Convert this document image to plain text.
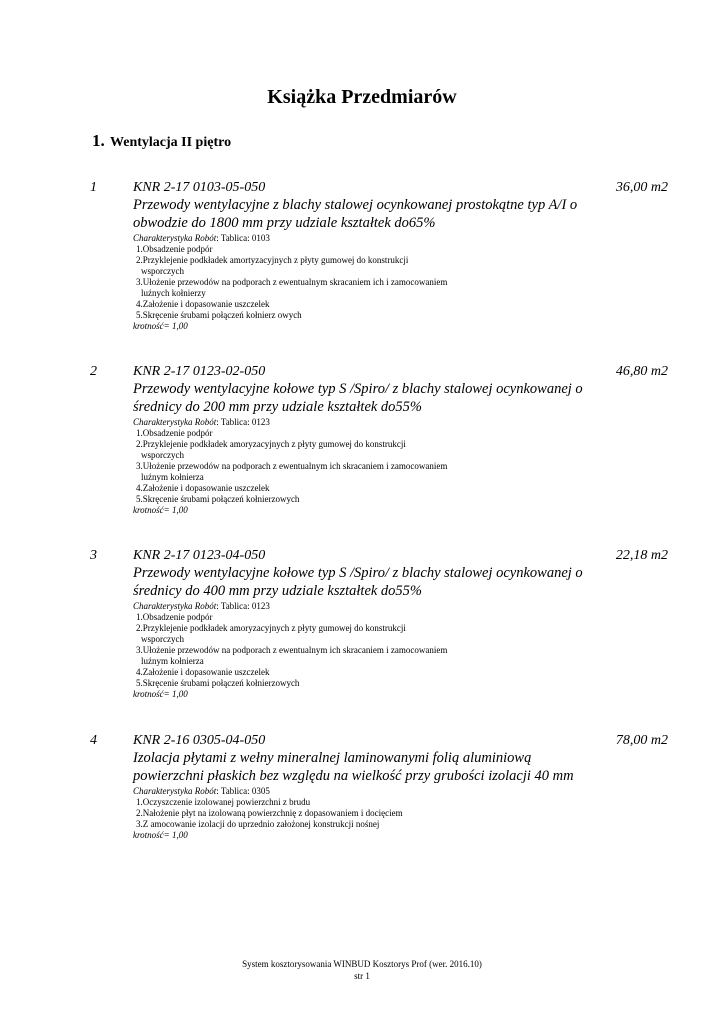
Książka Przedmiarów
1. Wentylacja II piętro
1	KNR 2-17 0103-05-050	36,00 m2
Przewody wentylacyjne z blachy stalowej ocynkowanej prostokątne typ A/I o
obwodzie do 1800 mm przy udziale kształtek do65%
Charakterystyka Robót: Tablica: 0103
1.Obsadzenie podpór
2.Przyklejenie podkładek amortyzacyjnych z płyty gumowej do konstrukcji
wsporczych
3.Ułożenie przewodów na podporach z ewentualnym skracaniem ich i zamocowaniem
luźnych kołnierzy
4.Założenie i dopasowanie uszczelek
5.Skręcenie śrubami połączeń kołnierz owych
krotność= 1,00
2	KNR 2-17 0123-02-050	46,80 m2
Przewody wentylacyjne kołowe typ S /Spiro/ z blachy stalowej ocynkowanej o
średnicy do 200 mm przy udziale kształtek do55%
Charakterystyka Robót: Tablica: 0123
1.Obsadzenie podpór
2.Przyklejenie podkładek amoryzacyjnych z płyty gumowej do konstrukcji
wsporczych
3.Ułożenie przewodów na podporach z ewentualnym ich skracaniem i zamocowaniem
luźnym kołnierza
4.Założenie i dopasowanie uszczelek
5.Skręcenie śrubami połączeń kołnierzowych
krotność= 1,00
3	KNR 2-17 0123-04-050	22,18 m2
Przewody wentylacyjne kołowe typ S /Spiro/ z blachy stalowej ocynkowanej o
średnicy do 400 mm przy udziale kształtek do55%
Charakterystyka Robót: Tablica: 0123
1.Obsadzenie podpór
2.Przyklejenie podkładek amoryzacyjnych z płyty gumowej do konstrukcji
wsporczych
3.Ułożenie przewodów na podporach z ewentualnym ich skracaniem i zamocowaniem
luźnym kołnierza
4.Założenie i dopasowanie uszczelek
5.Skręcenie śrubami połączeń kołnierzowych
krotność= 1,00
4	KNR 2-16 0305-04-050	78,00 m2
Izolacja płytami z wełny mineralnej laminowanymi folią aluminiową
powierzchni płaskich bez względu na wielkość przy grubości izolacji 40 mm
Charakterystyka Robót: Tablica: 0305
1.Oczyszczenie izolowanej powierzchni z brudu
2.Nałożenie płyt na izolowaną powierzchnię z dopasowaniem i docięciem
3.Z amocowanie izolacji do uprzednio założonej konstrukcji nośnej
krotność= 1,00
System kosztorysowania WINBUD Kosztorys Prof (wer. 2016.10)
str 1
